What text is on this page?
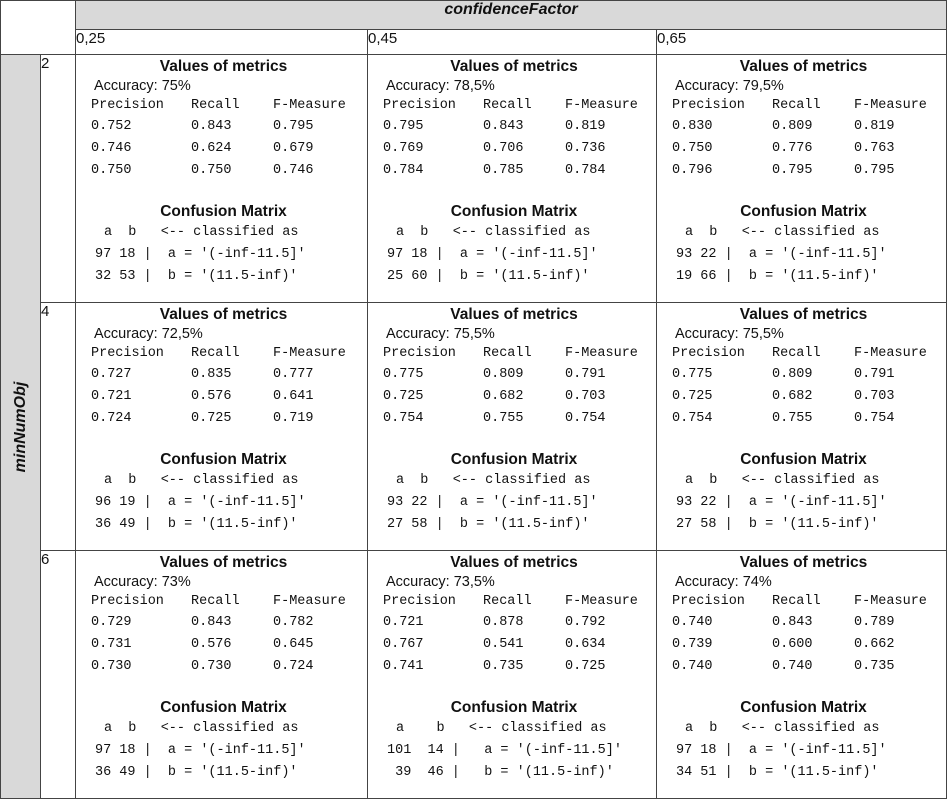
	confidenceFactor
0,25	0,45	0,65

minNumObj
	2	Values of metrics
Accuracy: 75%
Precision	Recall	F-Measure
0.752	0.843	0.795
0.746	0.624	0.679
0.750	0.750	0.746
Confusion Matrix
a  b   <-- classified as
97 18 |  a = '(-inf-11.5]'
32 53 |  b = '(11.5-inf)'

Values of metrics
Accuracy: 78,5%
Precision	Recall	F-Measure
0.795	0.843	0.819
0.769	0.706	0.736
0.784	0.785	0.784
Confusion Matrix
a  b   <-- classified as
97 18 |  a = '(-inf-11.5]'
25 60 |  b = '(11.5-inf)'

Values of metrics
Accuracy: 79,5%
Precision	Recall	F-Measure
0.830	0.809	0.819
0.750	0.776	0.763
0.796	0.795	0.795
Confusion Matrix
a  b   <-- classified as
93 22 |  a = '(-inf-11.5]'
19 66 |  b = '(11.5-inf)'

4	Values of metrics
Accuracy: 72,5%
Precision	Recall	F-Measure
0.727	0.835	0.777
0.721	0.576	0.641
0.724	0.725	0.719
Confusion Matrix
a  b   <-- classified as
96 19 |  a = '(-inf-11.5]'
36 49 |  b = '(11.5-inf)'

Values of metrics
Accuracy: 75,5%
Precision	Recall	F-Measure
0.775	0.809	0.791
0.725	0.682	0.703
0.754	0.755	0.754
Confusion Matrix
a  b   <-- classified as
93 22 |  a = '(-inf-11.5]'
27 58 |  b = '(11.5-inf)'

Values of metrics
Accuracy: 75,5%
Precision	Recall	F-Measure
0.775	0.809	0.791
0.725	0.682	0.703
0.754	0.755	0.754
Confusion Matrix
a  b   <-- classified as
93 22 |  a = '(-inf-11.5]'
27 58 |  b = '(11.5-inf)'

6	Values of metrics
Accuracy: 73%
Precision	Recall	F-Measure
0.729	0.843	0.782
0.731	0.576	0.645
0.730	0.730	0.724
Confusion Matrix
a  b   <-- classified as
97 18 |  a = '(-inf-11.5]'
36 49 |  b = '(11.5-inf)'

Values of metrics
Accuracy: 73,5%
Precision	Recall	F-Measure
0.721	0.878	0.792
0.767	0.541	0.634
0.741	0.735	0.725
Confusion Matrix
a    b   <-- classified as
101  14 |   a = '(-inf-11.5]'
39  46 |   b = '(11.5-inf)'

Values of metrics
Accuracy: 74%
Precision	Recall	F-Measure
0.740	0.843	0.789
0.739	0.600	0.662
0.740	0.740	0.735
Confusion Matrix
a  b   <-- classified as
97 18 |  a = '(-inf-11.5]'
34 51 |  b = '(11.5-inf)'
